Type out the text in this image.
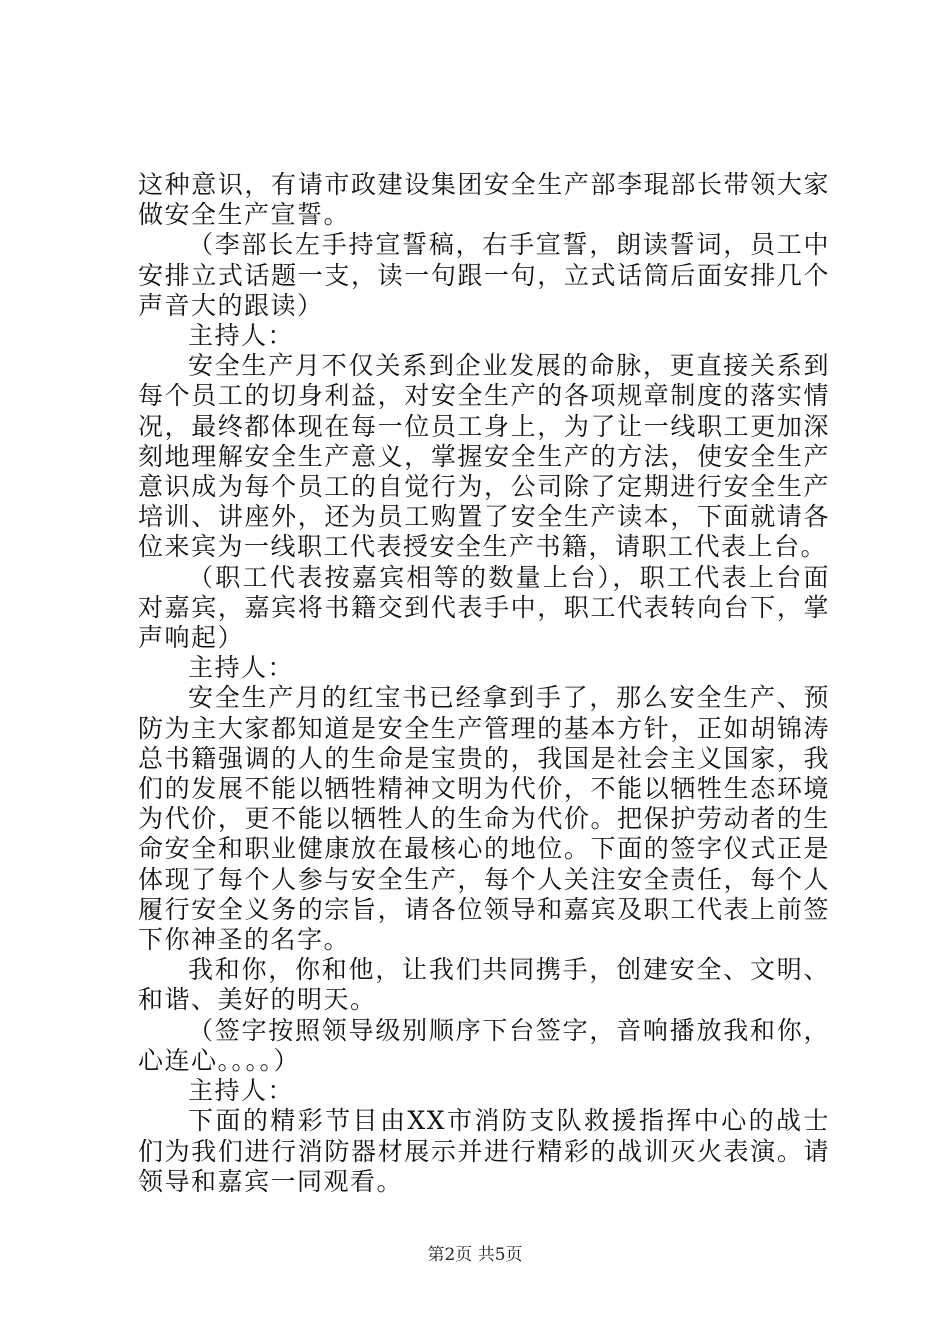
这种意识，有请市政建设集团安全生产部李琨部长带领大家做安全生产宣誓。

（李部长左手持宣誓稿，右手宣誓，朗读誓词，员工中安排立式话题一支，读一句跟一句，立式话筒后面安排几个声音大的跟读）

主持人：

安全生产月不仅关系到企业发展的命脉，更直接关系到每个员工的切身利益，对安全生产的各项规章制度的落实情况，最终都体现在每一位员工身上，为了让一线职工更加深刻地理解安全生产意义，掌握安全生产的方法，使安全生产意识成为每个员工的自觉行为，公司除了定期进行安全生产培训、讲座外，还为员工购置了安全生产读本，下面就请各位来宾为一线职工代表授安全生产书籍，请职工代表上台。

（职工代表按嘉宾相等的数量上台），职工代表上台面对嘉宾，嘉宾将书籍交到代表手中，职工代表转向台下，掌声响起）

主持人：

安全生产月的红宝书已经拿到手了，那么安全生产、预防为主大家都知道是安全生产管理的基本方针，正如胡锦涛总书籍强调的人的生命是宝贵的，我国是社会主义国家，我们的发展不能以牺牲精神文明为代价，不能以牺牲生态环境为代价，更不能以牺牲人的生命为代价。把保护劳动者的生命安全和职业健康放在最核心的地位。下面的签字仪式正是体现了每个人参与安全生产，每个人关注安全责任，每个人履行安全义务的宗旨，请各位领导和嘉宾及职工代表上前签下你神圣的名字。

我和你，你和他，让我们共同携手，创建安全、文明、和谐、美好的明天。

（签字按照领导级别顺序下台签字，音响播放我和你，心连心。。。。）

主持人：

下面的精彩节目由XX市消防支队救援指挥中心的战士们为我们进行消防器材展示并进行精彩的战训灭火表演。请领导和嘉宾一同观看。

第2页 共5页
